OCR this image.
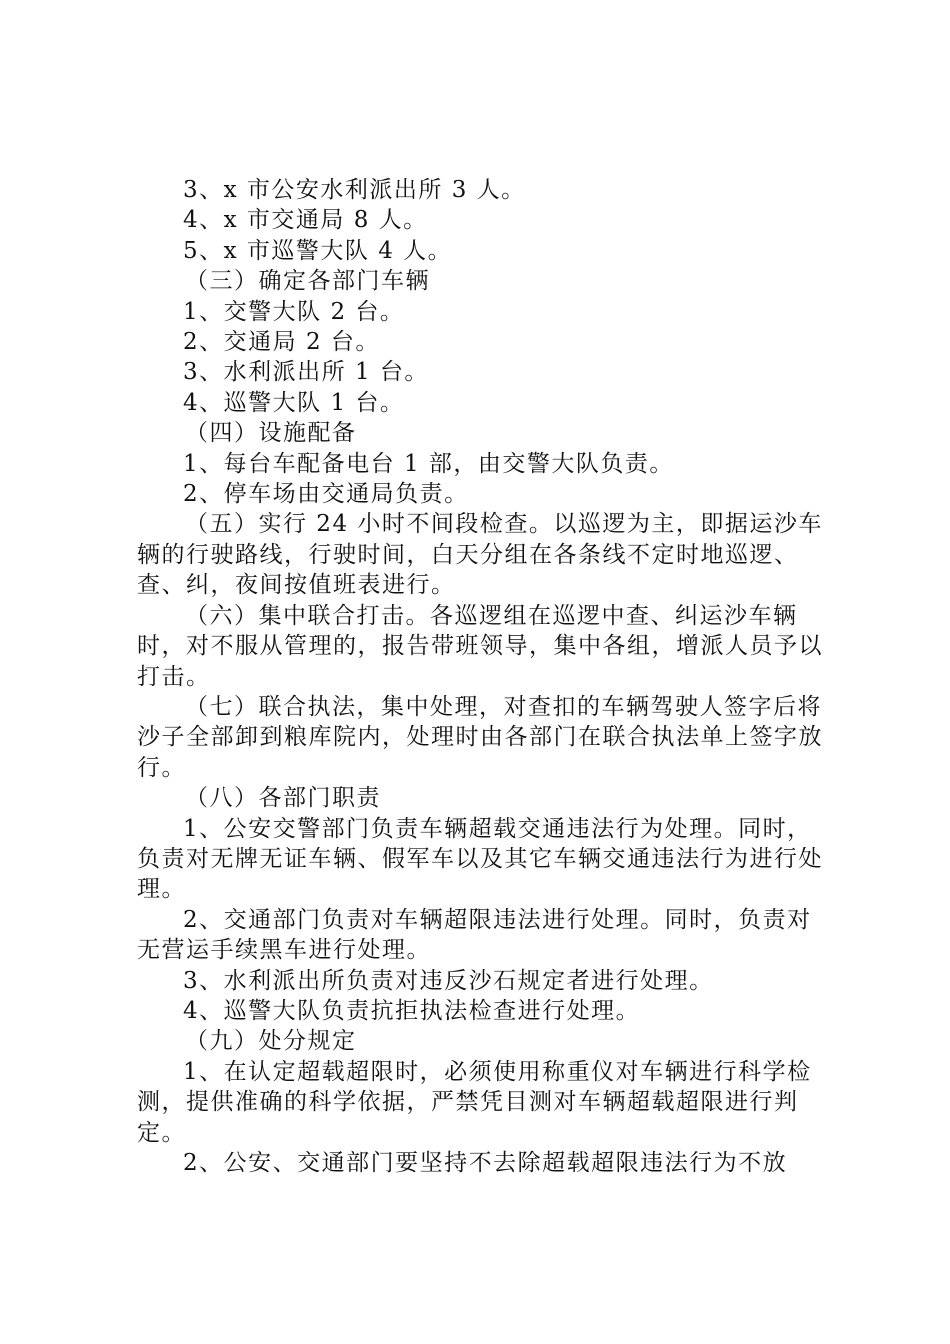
3、x 市公安水利派出所 3 人。

4、x 市交通局 8 人。

5、x 市巡警大队 4 人。

（三）确定各部门车辆

1、交警大队 2 台。

2、交通局 2 台。

3、水利派出所 1 台。

4、巡警大队 1 台。

（四）设施配备

1、每台车配备电台 1 部，由交警大队负责。

2、停车场由交通局负责。

（五）实行 24 小时不间段检查。以巡逻为主，即据运沙车辆的行驶路线，行驶时间，白天分组在各条线不定时地巡逻、查、纠，夜间按值班表进行。

（六）集中联合打击。各巡逻组在巡逻中查、纠运沙车辆时，对不服从管理的，报告带班领导，集中各组，增派人员予以打击。

（七）联合执法，集中处理，对查扣的车辆驾驶人签字后将沙子全部卸到粮库院内，处理时由各部门在联合执法单上签字放行。

（八）各部门职责

1、公安交警部门负责车辆超载交通违法行为处理。同时，负责对无牌无证车辆、假军车以及其它车辆交通违法行为进行处理。

2、交通部门负责对车辆超限违法进行处理。同时，负责对无营运手续黑车进行处理。

3、水利派出所负责对违反沙石规定者进行处理。

4、巡警大队负责抗拒执法检查进行处理。

（九）处分规定

1、在认定超载超限时，必须使用称重仪对车辆进行科学检测，提供准确的科学依据，严禁凭目测对车辆超载超限进行判定。

2、公安、交通部门要坚持不去除超载超限违法行为不放
